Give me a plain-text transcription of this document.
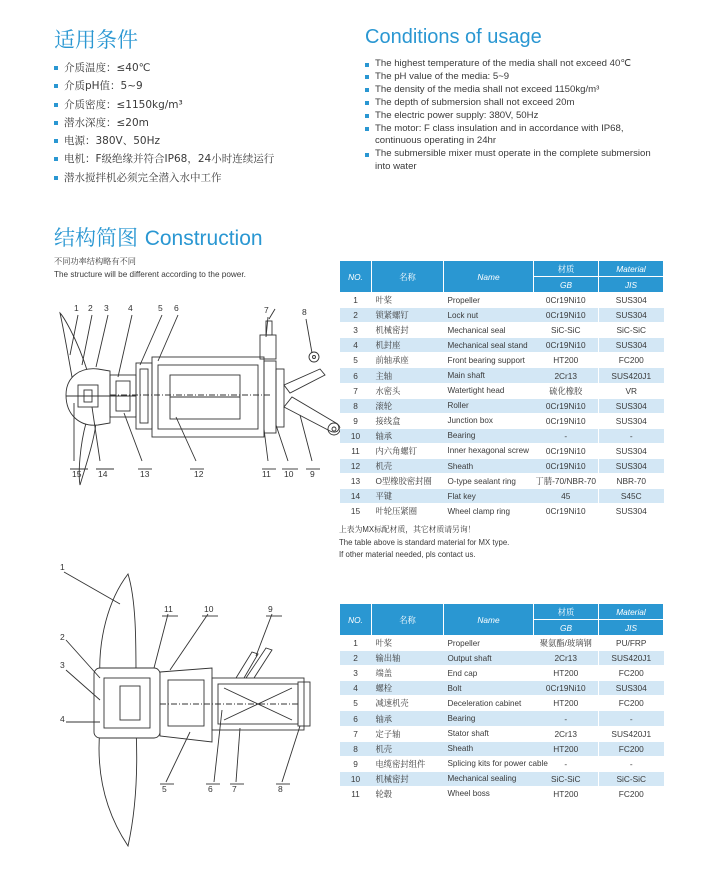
适用条件	Conditions of usage
介质温度：≤40℃
介质pH值：5~9
介质密度：≤1150kg/m³
潜水深度：≤20m
电源：380V、50Hz
电机：F级绝缘并符合IP68，24小时连续运行
潜水搅拌机必须完全潜入水中工作
The highest temperature of the media shall not exceed 40℃
The pH value of the media: 5~9
The density of the media shall not exceed 1150kg/m³
The depth of submersion shall not exceed 20m
The electric power supply: 380V, 50Hz
The motor: F class insulation and in accordance with IP68, continuous operating in 24hr
The submersible mixer must operate in the complete submersion into water
结构简图 Construction
不同功率结构略有不同
The structure will be different according to the power.
1 2 3 4	5 6	7	8
9
10
11
12
13
14
15
1
2
3
4
5	6 7	8
9
10
11
NO.	名称	Name	材质	Material
			GB	JIS
1	叶桨	Propeller	0Cr19Ni10	SUS304
2	锁紧螺钉	Lock nut	0Cr19Ni10	SUS304
3	机械密封	Mechanical seal	SiC-SiC	SiC-SiC
4	机封座	Mechanical seal stand	0Cr19Ni10	SUS304
5	前轴承座	Front bearing support	HT200	FC200
6	主轴	Main shaft	2Cr13	SUS420J1
7	水密头	Watertight head	硫化橡胶	VR
8	滚轮	Roller	0Cr19Ni10	SUS304
9	接线盒	Junction box	0Cr19Ni10	SUS304
10	轴承	Bearing	-	-
11	内六角螺钉	Inner hexagonal screw	0Cr19Ni10	SUS304
12	机壳	Sheath	0Cr19Ni10	SUS304
13	O型橡胶密封圈	O-type sealant ring	丁腈-70/NBR-70	NBR-70
14	平键	Flat key	45	S45C
15	叶轮压紧圈	Wheel clamp ring	0Cr19Ni10	SUS304
上表为MX标配材质，其它材质请另询！
The table above is standard material for MX type.
If other material needed, pls contact us.
NO.	名称	Name	材质	Material
			GB	JIS
1	叶桨	Propeller	聚氨酯/玻璃钢	PU/FRP
2	输出轴	Output shaft	2Cr13	SUS420J1
3	端盖	End cap	HT200	FC200
4	螺栓	Bolt	0Cr19Ni10	SUS304
5	减速机壳	Deceleration cabinet	HT200	FC200
6	轴承	Bearing	-	-
7	定子轴	Stator shaft	2Cr13	SUS420J1
8	机壳	Sheath	HT200	FC200
9	电缆密封组件	Splicing kits for power cable	-	-
10	机械密封	Mechanical sealing	SiC-SiC	SiC-SiC
11	轮毂	Wheel boss	HT200	FC200
